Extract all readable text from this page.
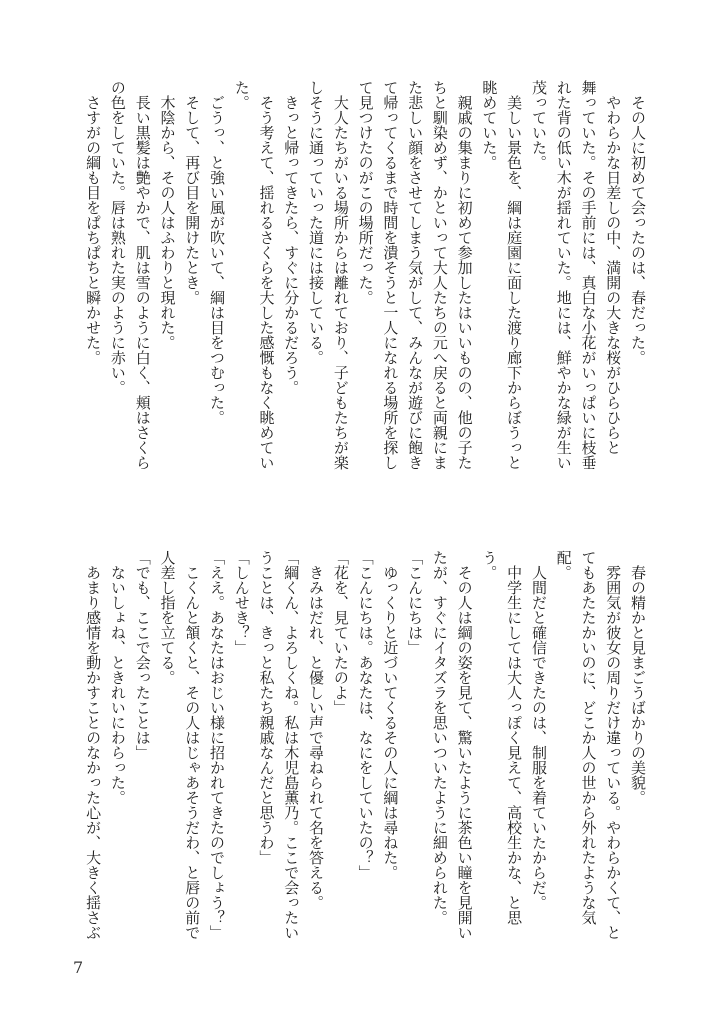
　その人に初めて会ったのは、春だった。
　やわらかな日差しの中、満開の大きな桜がひらひらと
舞っていた。その手前には、真白な小花がいっぱいに枝垂
れた背の低い木が揺れていた。地には、鮮やかな緑が生い
茂っていた。
　美しい景色を、綱は庭園に面した渡り廊下からぼうっと
眺めていた。
　親戚の集まりに初めて参加したはいいものの、他の子た
ちと馴染めず、かといって大人たちの元へ戻ると両親にま
た悲しい顔をさせてしまう気がして、みんなが遊びに飽き
て帰ってくるまで時間を潰そうと一人になれる場所を探し
て見つけたのがこの場所だった。
　大人たちがいる場所からは離れており、子どもたちが楽
しそうに通っていった道には接している。
　きっと帰ってきたら、すぐに分かるだろう。
　そう考えて、揺れるさくらを大した感慨もなく眺めてい
た。
　ごうっ、と強い風が吹いて、綱は目をつむった。
　そして、再び目を開けたとき。
　木陰から、その人はふわりと現れた。
　長い黒髪は艶やかで、肌は雪のように白く、頬はさくら
の色をしていた。唇は熟れた実のように赤い。
　さすがの綱も目をぱちぱちと瞬かせた。
　春の精かと見まごうばかりの美貌。
　雰囲気が彼女の周りだけ違っている。やわらかくて、と
てもあたたかいのに、どこか人の世から外れたような気
配。
　人間だと確信できたのは、制服を着ていたからだ。
　中学生にしては大人っぽく見えて、高校生かな、と思
う。
　その人は綱の姿を見て、驚いたように茶色い瞳を見開い
たが、すぐにイタズラを思いついたように細められた。
「こんにちは」
　ゆっくりと近づいてくるその人に綱は尋ねた。
「こんにちは。あなたは、なにをしていたの？」
「花を、見ていたのよ」
　きみはだれ、と優しい声で尋ねられて名を答える。
「綱くん、よろしくね。私は木児島薫乃。ここで会ったい
うことは、きっと私たち親戚なんだと思うわ」
「しんせき？」
「ええ。あなたはおじい様に招かれてきたのでしょう？」
　こくんと頷くと、その人はじゃあそうだわ、と唇の前で
人差し指を立てる。
「でも、ここで会ったことは」
　ないしょね、ときれいにわらった。
　あまり感情を動かすことのなかった心が、大きく揺さぶ
7
